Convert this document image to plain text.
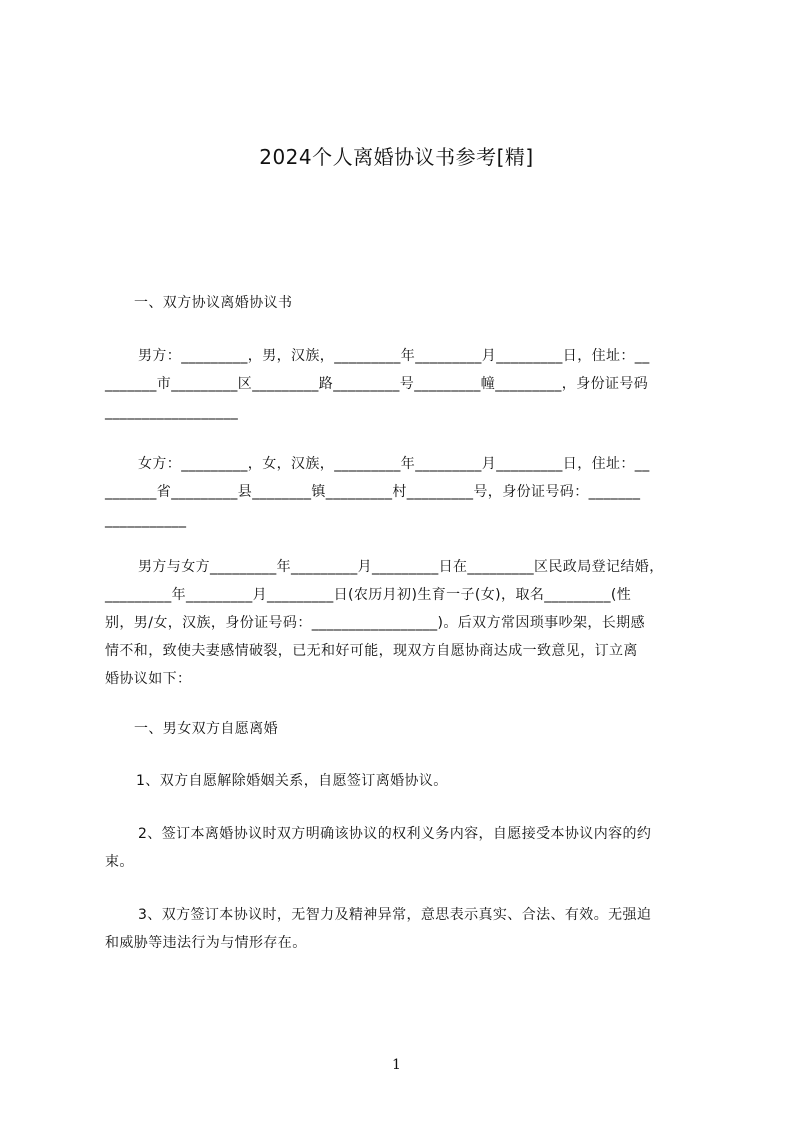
2024个人离婚协议书参考[精]
一、双方协议离婚协议书
男方：_________，男，汉族，_________年_________月_________日，住址：__
_______市_________区_________路_________号_________幢_________，身份证号码
__________________
女方：_________，女，汉族，_________年_________月_________日，住址：__
_______省_________县________镇_________村_________号，身份证号码：_______
___________
男方与女方_________年_________月_________日在_________区民政局登记结婚，
_________年_________月_________日(农历月初)生育一子(女)，取名_________(性
别，男/女，汉族，身份证号码：_________________)。后双方常因琐事吵架，长期感
情不和，致使夫妻感情破裂，已无和好可能，现双方自愿协商达成一致意见，订立离
婚协议如下：
一、男女双方自愿离婚
1、双方自愿解除婚姻关系，自愿签订离婚协议。
2、签订本离婚协议时双方明确该协议的权利义务内容，自愿接受本协议内容的约
束。
3、双方签订本协议时，无智力及精神异常，意思表示真实、合法、有效。无强迫
和威胁等违法行为与情形存在。
1
